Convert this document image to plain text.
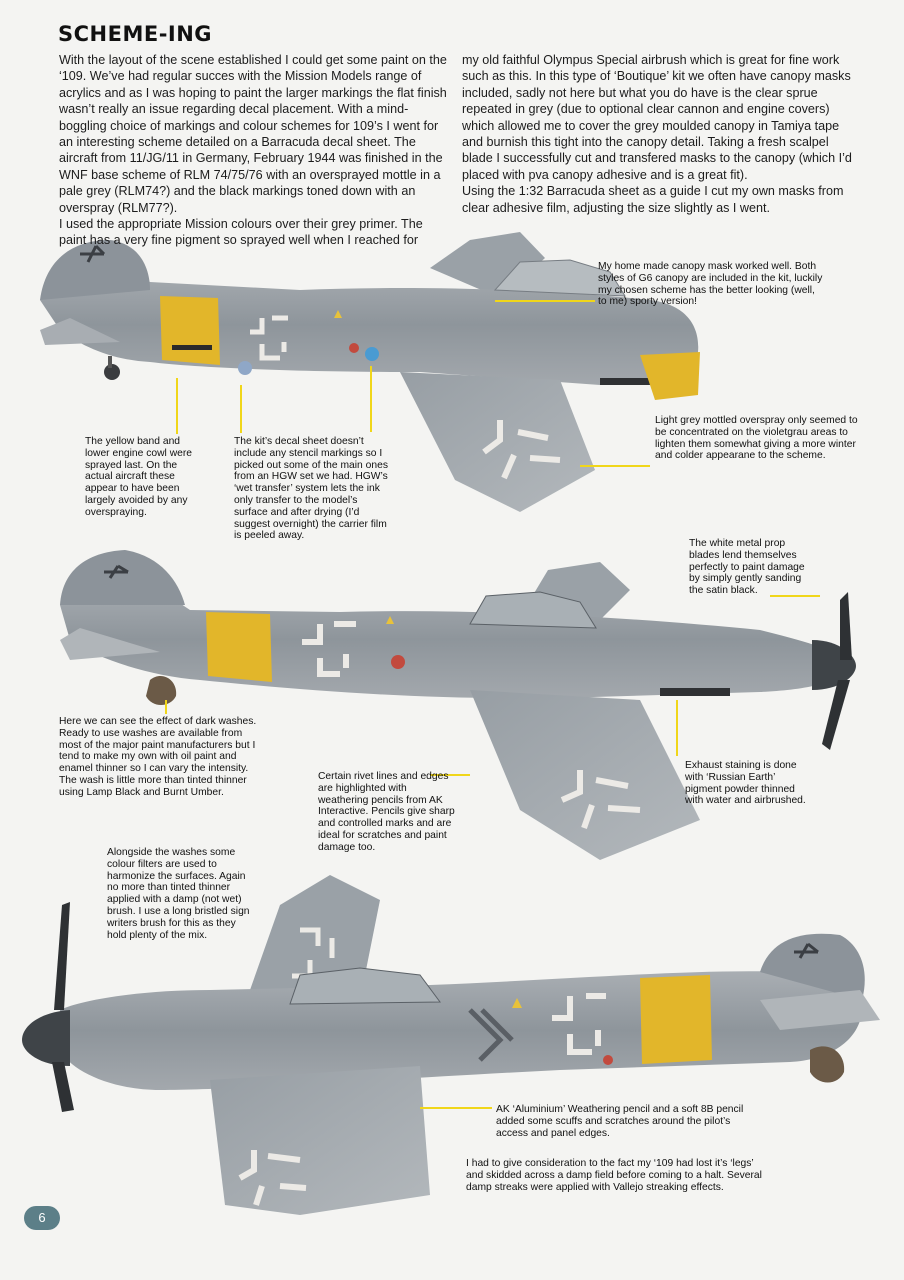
SCHEME-ING

With the layout of the scene established I could get some paint on the ‘109. We’ve had regular succes with the Mission Models range of acrylics and as I was hoping to paint the larger markings the flat finish wasn’t really an issue regarding decal placement. With a mind-boggling choice of markings and colour schemes for 109’s I went for an interesting scheme detailed on a Barracuda decal sheet. The aircraft from 11/JG/11 in Germany, February 1944 was finished in the WNF base scheme of RLM 74/75/76 with an oversprayed mottle in a pale grey (RLM74?) and the black markings toned down with an overspray (RLM77?).

I used the appropriate Mission colours over their grey primer. The paint has a very fine pigment so sprayed well when I reached for

my old faithful Olympus Special airbrush which is great for fine work such as this. In this type of ‘Boutique’ kit we often have canopy masks included, sadly not here but what you do have is the clear sprue repeated in grey (due to optional clear cannon and engine covers) which allowed me to cover the grey moulded canopy in Tamiya tape and burnish this tight into the canopy detail. Taking a fresh scalpel blade I successfully cut and transfered masks to the canopy (which I’d placed with pva canopy adhesive and is a great fit).

Using the 1:32 Barracuda sheet as a guide I cut my own masks from clear adhesive film, adjusting the size slightly as I went.

My home made canopy mask worked well. Both styles of G6 canopy are included in the kit, luckily my chosen scheme has the better looking (well, to me) sporty version!

Light grey mottled overspray only seemed to be concentrated on the violetgrau areas to lighten them somewhat giving a more winter and colder appearane to the scheme.

The yellow band and lower engine cowl were sprayed last. On the actual aircraft these appear to have been largely avoided by any overspraying.

The kit’s decal sheet doesn’t include any stencil markings so I picked out some of the main ones from an HGW set we had. HGW’s ‘wet transfer’ system lets the ink only transfer to the model’s surface and after drying (I’d suggest overnight) the carrier film is peeled away.

The white metal prop blades lend themselves perfectly to paint damage by simply gently sanding the satin black.

Here we can see the effect of dark washes. Ready to use washes are available from most of the major paint manufacturers but I tend to make my own with oil paint and enamel thinner so I can vary the intensity. The wash is little more than tinted thinner using Lamp Black and Burnt Umber.

Certain rivet lines and edges are highlighted with weathering pencils from AK Interactive. Pencils give sharp and controlled marks and are ideal for scratches and paint damage too.

Exhaust staining is done with ‘Russian Earth’ pigment powder thinned with water and airbrushed.

Alongside the washes some colour filters are used to harmonize the surfaces. Again no more than tinted thinner applied with a damp (not wet) brush. I use a long bristled sign writers brush for this as they hold plenty of the mix.

AK ‘Aluminium’ Weathering pencil and a soft 8B pencil added some scuffs and scratches around the pilot’s access and panel edges.

I had to give consideration to the fact my ‘109 had lost it’s ‘legs’ and skidded across a damp field before coming to a halt. Several damp streaks were applied with Vallejo streaking effects.

6
